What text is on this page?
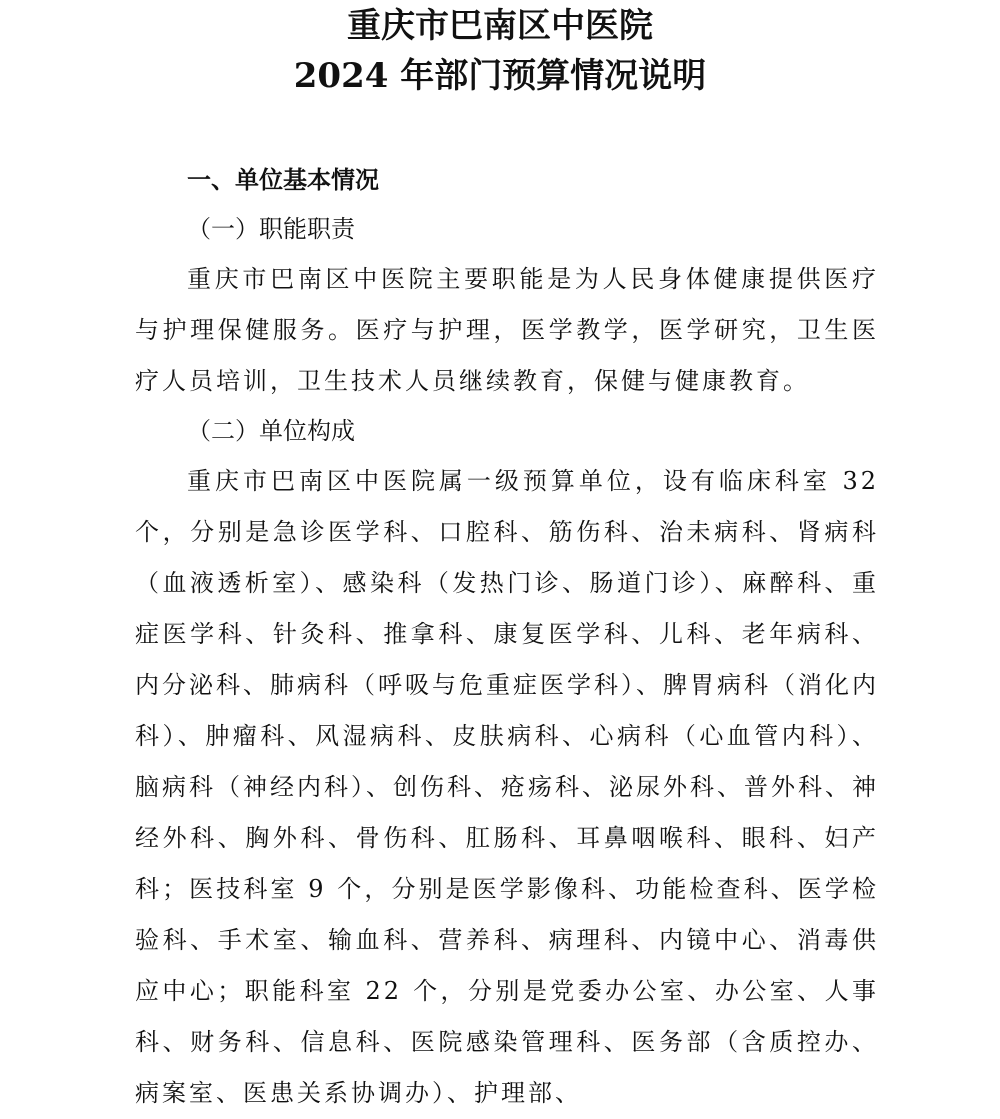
重庆市巴南区中医院
2024 年部门预算情况说明
一、单位基本情况
（一）职能职责

重庆市巴南区中医院主要职能是为人民身体健康提供医疗与护理保健服务。医疗与护理，医学教学，医学研究，卫生医疗人员培训，卫生技术人员继续教育，保健与健康教育。

（二）单位构成

重庆市巴南区中医院属一级预算单位，设有临床科室 32 个，分别是急诊医学科、口腔科、筋伤科、治未病科、肾病科（血液透析室）、感染科（发热门诊、肠道门诊）、麻醉科、重症医学科、针灸科、推拿科、康复医学科、儿科、老年病科、内分泌科、肺病科（呼吸与危重症医学科）、脾胃病科（消化内科）、肿瘤科、风湿病科、皮肤病科、心病科（心血管内科）、脑病科（神经内科）、创伤科、疮疡科、泌尿外科、普外科、神经外科、胸外科、骨伤科、肛肠科、耳鼻咽喉科、眼科、妇产科；医技科室 9 个，分别是医学影像科、功能检查科、医学检验科、手术室、输血科、营养科、病理科、内镜中心、消毒供应中心；职能科室 22 个，分别是党委办公室、办公室、人事科、财务科、信息科、医院感染管理科、医务部（含质控办、病案室、医患关系协调办）、护理部、
